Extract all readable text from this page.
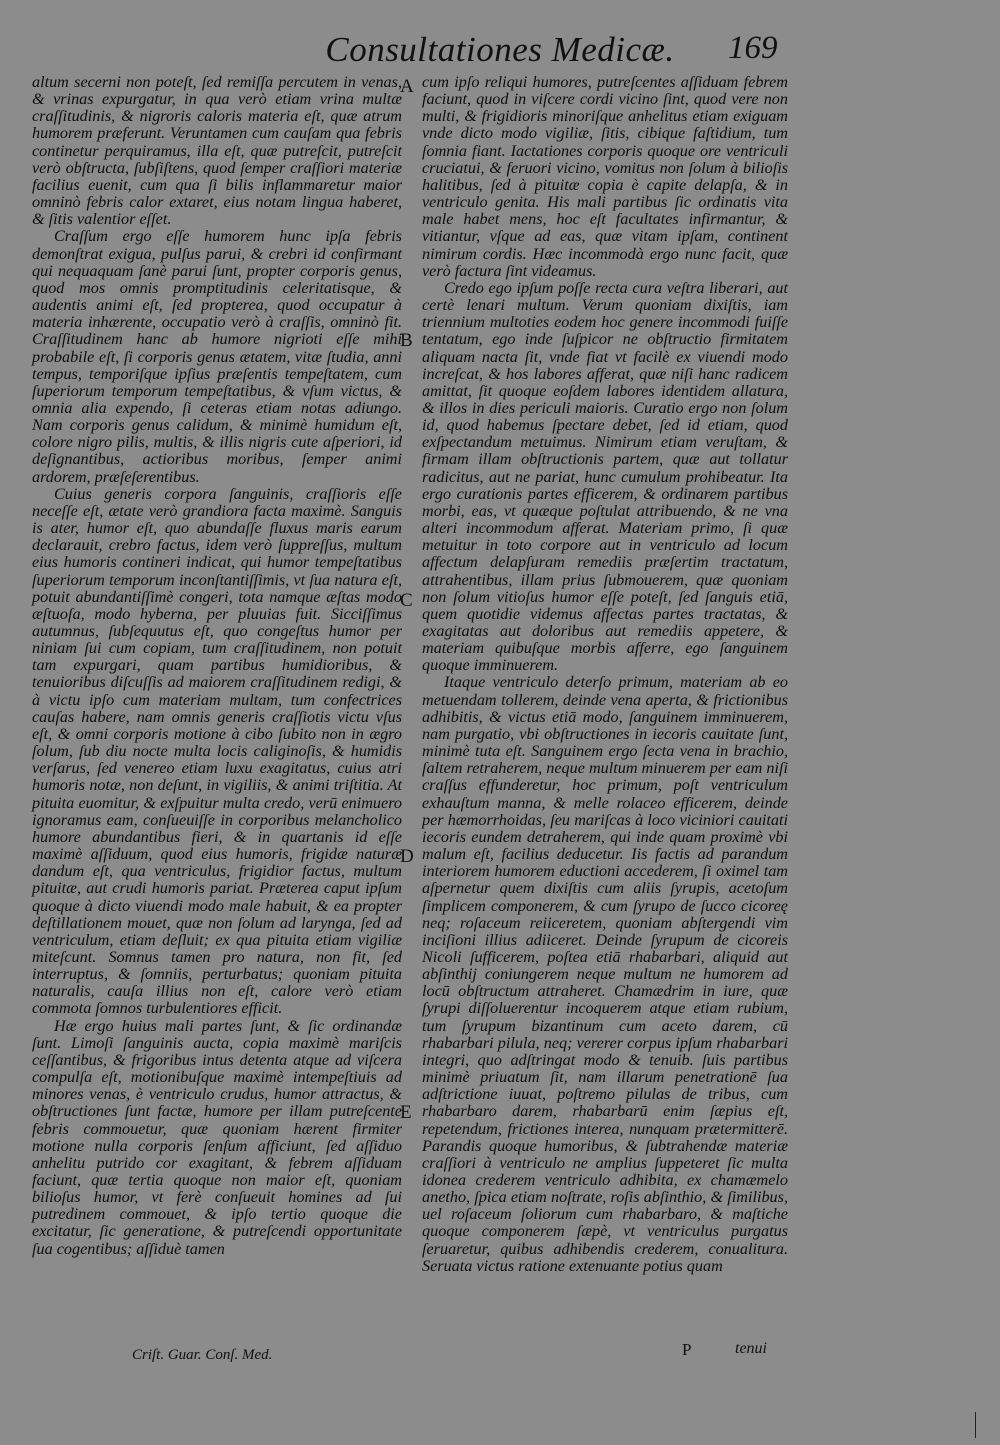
Consultationes Medicæ.	169

altum secerni non poteſt, ſed remiſſa percutem in venas, & vrinas expurgatur, in qua verò etiam vrina multæ craſſitudinis, & nigroris caloris materia eſt, quæ atrum humorem præferunt. Veruntamen cum cauſam qua febris continetur perquiramus, illa eſt, quæ putreſcit, putreſcit verò obſtructa, ſubſiſtens, quod ſemper craſſiori materiæ facilius euenit, cum qua ſi bilis inflammaretur maior omninò febris calor extaret, eius notam lingua haberet, & ſitis valentior eſſet.

Craſſum ergo eſſe humorem hunc ipſa febris demonſtrat exigua, pulſus parui, & crebri id confirmant qui nequaquam ſanè parui ſunt, propter corporis genus, quod mos omnis promptitudinis celeritatisque, & audentis animi eſt, ſed propterea, quod occupatur à materia inhærente, occupatio verò à craſſis, omninò fit. Craſſitudinem hanc ab humore nigrioti eſſe mihi probabile eſt, ſi corporis genus ætatem, vitæ ſtudia, anni tempus, temporiſque ipſius præſentis tempeſtatem, cum ſuperiorum temporum tempeſtatibus, & vſum victus, & omnia alia expendo, ſi ceteras etiam notas adiungo. Nam corporis genus calidum, & minimè humidum eſt, colore nigro pilis, multis, & illis nigris cute aſperiori, id deſignantibus, actioribus moribus, ſemper animi ardorem, præſeſerentibus.

Cuius generis corpora ſanguinis, craſſioris eſſe neceſſe eſt, ætate verò grandiora facta maximè. Sanguis is ater, humor eſt, quo abundaſſe fluxus maris earum declarauit, crebro factus, idem verò ſuppreſſus, multum eius humoris contineri indicat, qui humor tempeſtatibus ſuperiorum temporum inconſtantiſſimis, vt ſua natura eſt, potuit abundantiſſimè congeri, tota namque æſtas modo æſtuoſa, modo hyberna, per pluuias fuit. Sicciſſimus autumnus, ſubſequutus eſt, quo congeſtus humor per niniam ſui cum copiam, tum craſſitudinem, non potuit tam expurgari, quam partibus humidioribus, & tenuioribus diſcuſſis ad maiorem craſſitudinem redigi, & à victu ipſo cum materiam multam, tum confectrices cauſas habere, nam omnis generis craſſiotis victu vſus eſt, & omni corporis motione à cibo ſubito non in ægro ſolum, ſub diu nocte multa locis caliginoſis, & humidis verſarus, ſed venereo etiam luxu exagitatus, cuius atri humoris notæ, non deſunt, in vigiliis, & animi triſtitia. At pituita euomitur, & exſpuitur multa credo, verū enimuero ignoramus eam, conſueuiſſe in corporibus melancholico humore abundantibus fieri, & in quartanis id eſſe maximè aſſiduum, quod eius humoris, frigidæ naturæ dandum eſt, qua ventriculus, frigidior factus, multum pituitæ, aut crudi humoris pariat. Præterea caput ipſum quoque à dicto viuendi modo male habuit, & ea propter deſtillationem mouet, quæ non ſolum ad laryngа, ſed ad ventriculum, etiam deſluit; ex qua pituita etiam vigiliæ miteſcunt. Somnus tamen pro natura, non fit, ſed interruptus, & ſomniis, perturbatus; quoniam pituita naturalis, cauſa illius non eſt, calore verò etiam commota ſomnos turbulentiores efficit.

Hæ ergo huius mali partes ſunt, & ſic ordinandæ ſunt. Limoſi ſanguinis aucta, copia maximè mariſcis ceſſantibus, & frigoribus intus detenta atque ad viſcera compulſa eſt, motionibuſque maximè intempeſtiuis ad minores venas, è ventriculo crudus, humor attractus, & obſtructiones ſunt factæ, humore per illam putreſcente febris commouetur, quæ quoniam hærent firmiter motione nulla corporis ſenſum afficiunt, ſed aſſiduo anhelitu putrido cor exagitant, & febrem aſſiduam faciunt, quæ tertia quoque non maior eſt, quoniam bilioſus humor, vt ferè conſueuit homines ad ſui putredinem commouet, & ipſo tertio quoque die excitatur, ſic generatione, & putreſcendi opportunitate ſua cogentibus; aſſiduè tamen

A
B
C
D
E

cum ipſo reliqui humores, putreſcentes aſſiduam febrem faciunt, quod in viſcere cordi vicino ſint, quod vere non multi, & frigidioris minoriſque anhelitus etiam exiguam vnde dicto modo vigiliæ, ſitis, cibique faſtidium, tum ſomnia fiant. Iactationes corporis quoque ore ventriculi cruciatui, & feruori vicino, vomitus non ſolum à bilioſis halitibus, ſed à pituitæ copia è capite delapſa, & in ventriculo genita. His mali partibus ſic ordinatis vita male habet mens, hoc eſt facultates infirmantur, & vitiantur, vſque ad eas, quæ vitam ipſam, continent nimirum cordis. Hæc incommodà ergo nunc facit, quæ verò factura ſint videamus.

Credo ego ipſum poſſe recta cura veſtra liberari, aut certè lenari multum. Verum quoniam dixiſtis, iam triennium multoties eodem hoc genere incommodi fuiſſe tentatum, ego inde ſuſpicor ne obſtructio firmitatem aliquam nacta ſit, vnde fiat vt facilè ex viuendi modo increſcat, & hos labores afferat, quæ niſi hanc radicem amittat, ſit quoque eoſdem labores identidem allatura, & illos in dies periculi maioris. Curatio ergo non ſolum id, quod habemus ſpectare debet, ſed id etiam, quod exſpectandum metuimus. Nimirum etiam veruſtam, & firmam illam obſtructionis partem, quæ aut tollatur radicitus, aut ne pariat, hunc cumulum prohibeatur. Ita ergo curationis partes efficerem, & ordinarem partibus morbi, eas, vt quæque poſtulat attribuendo, & ne vna alteri incommodum afferat. Materiam primo, ſi quæ metuitur in toto corpore aut in ventriculo ad locum affectum delapſuram remediis præſertim tractatum, attrahentibus, illam prius ſubmouerem, quæ quoniam non ſolum vitioſus humor eſſe poteſt, ſed ſanguis etiā, quem quotidie videmus affectas partes tractatas, & exagitatas aut doloribus aut remediis appetere, & materiam quibuſque morbis afferre, ego ſanguinem quoque imminuerem.

Itaque ventriculo deterſo primum, materiam ab eo metuendam tollerem, deinde vena aperta, & frictionibus adhibitis, & victus etiā modo, ſanguinem imminuerem, nam purgatio, vbi obſtructiones in iecoris cauitate ſunt, minimè tuta eſt. Sanguinem ergo ſecta vena in brachio, ſaltem retraherem, neque multum minuerem per eam niſi craſſus effunderetur, hoc primum, poſt ventriculum exhauſtum manna, & melle rolaceo efficerem, deinde per hæmorrhoidas, ſeu mariſcas à loco viciniori cauitati iecoris eundem detraherem, qui inde quam proximè vbi malum eſt, facilius deducetur. Iis factis ad parandum interiorem humorem eductioni accederem, ſi oximel tam aſpernetur quem dixiſtis cum aliis ſyrupis, acetoſum ſimplicem componerem, & cum ſyrupo de ſucco cicoreę neq; roſaceum reiiceretem, quoniam abſtergendi vim inciſioni illius adiiceret. Deinde ſyrupum de cicoreis Nicoli ſufficerem, poſtea etiā rhabarbari, aliquid aut abſinthij coniungerem neque multum ne humorem ad locū obſtructum attraheret. Chamædrim in iure, quæ ſyrupi diſſoluerentur incoquerem atque etiam rubium, tum ſyrupum bizantinum cum aceto darem, cū rhabarbari pilula, neq; vererer corpus ipſum rhabarbari integri, quo adſtringat modo & tenuib. ſuis partibus minimè priuatum ſit, nam illarum penetrationē ſua adſtrictione iuuat, poſtremo pilulas de tribus, cum rhabarbaro darem, rhabarbarū enim ſæpius eſt, repetendum, frictiones interea, nunquam prætermitterē. Parandis quoque humoribus, & ſubtrahendæ materiæ craſſiori à ventriculo ne amplius ſuppeteret ſic multa idonea crederem ventriculo adhibita, ex chamæmelo anetho, ſpica etiam noſtrate, roſis abſinthio, & ſimilibus, uel roſaceum ſoliorum cum rhabarbaro, & maſtiche quoque componerem ſæpè, vt ventriculus purgatus ſeruaretur, quibus adhibendis crederem, conualitura. Seruata victus ratione extenuante potius quam

Criſt. Guar. Conſ. Med.	P	tenui
